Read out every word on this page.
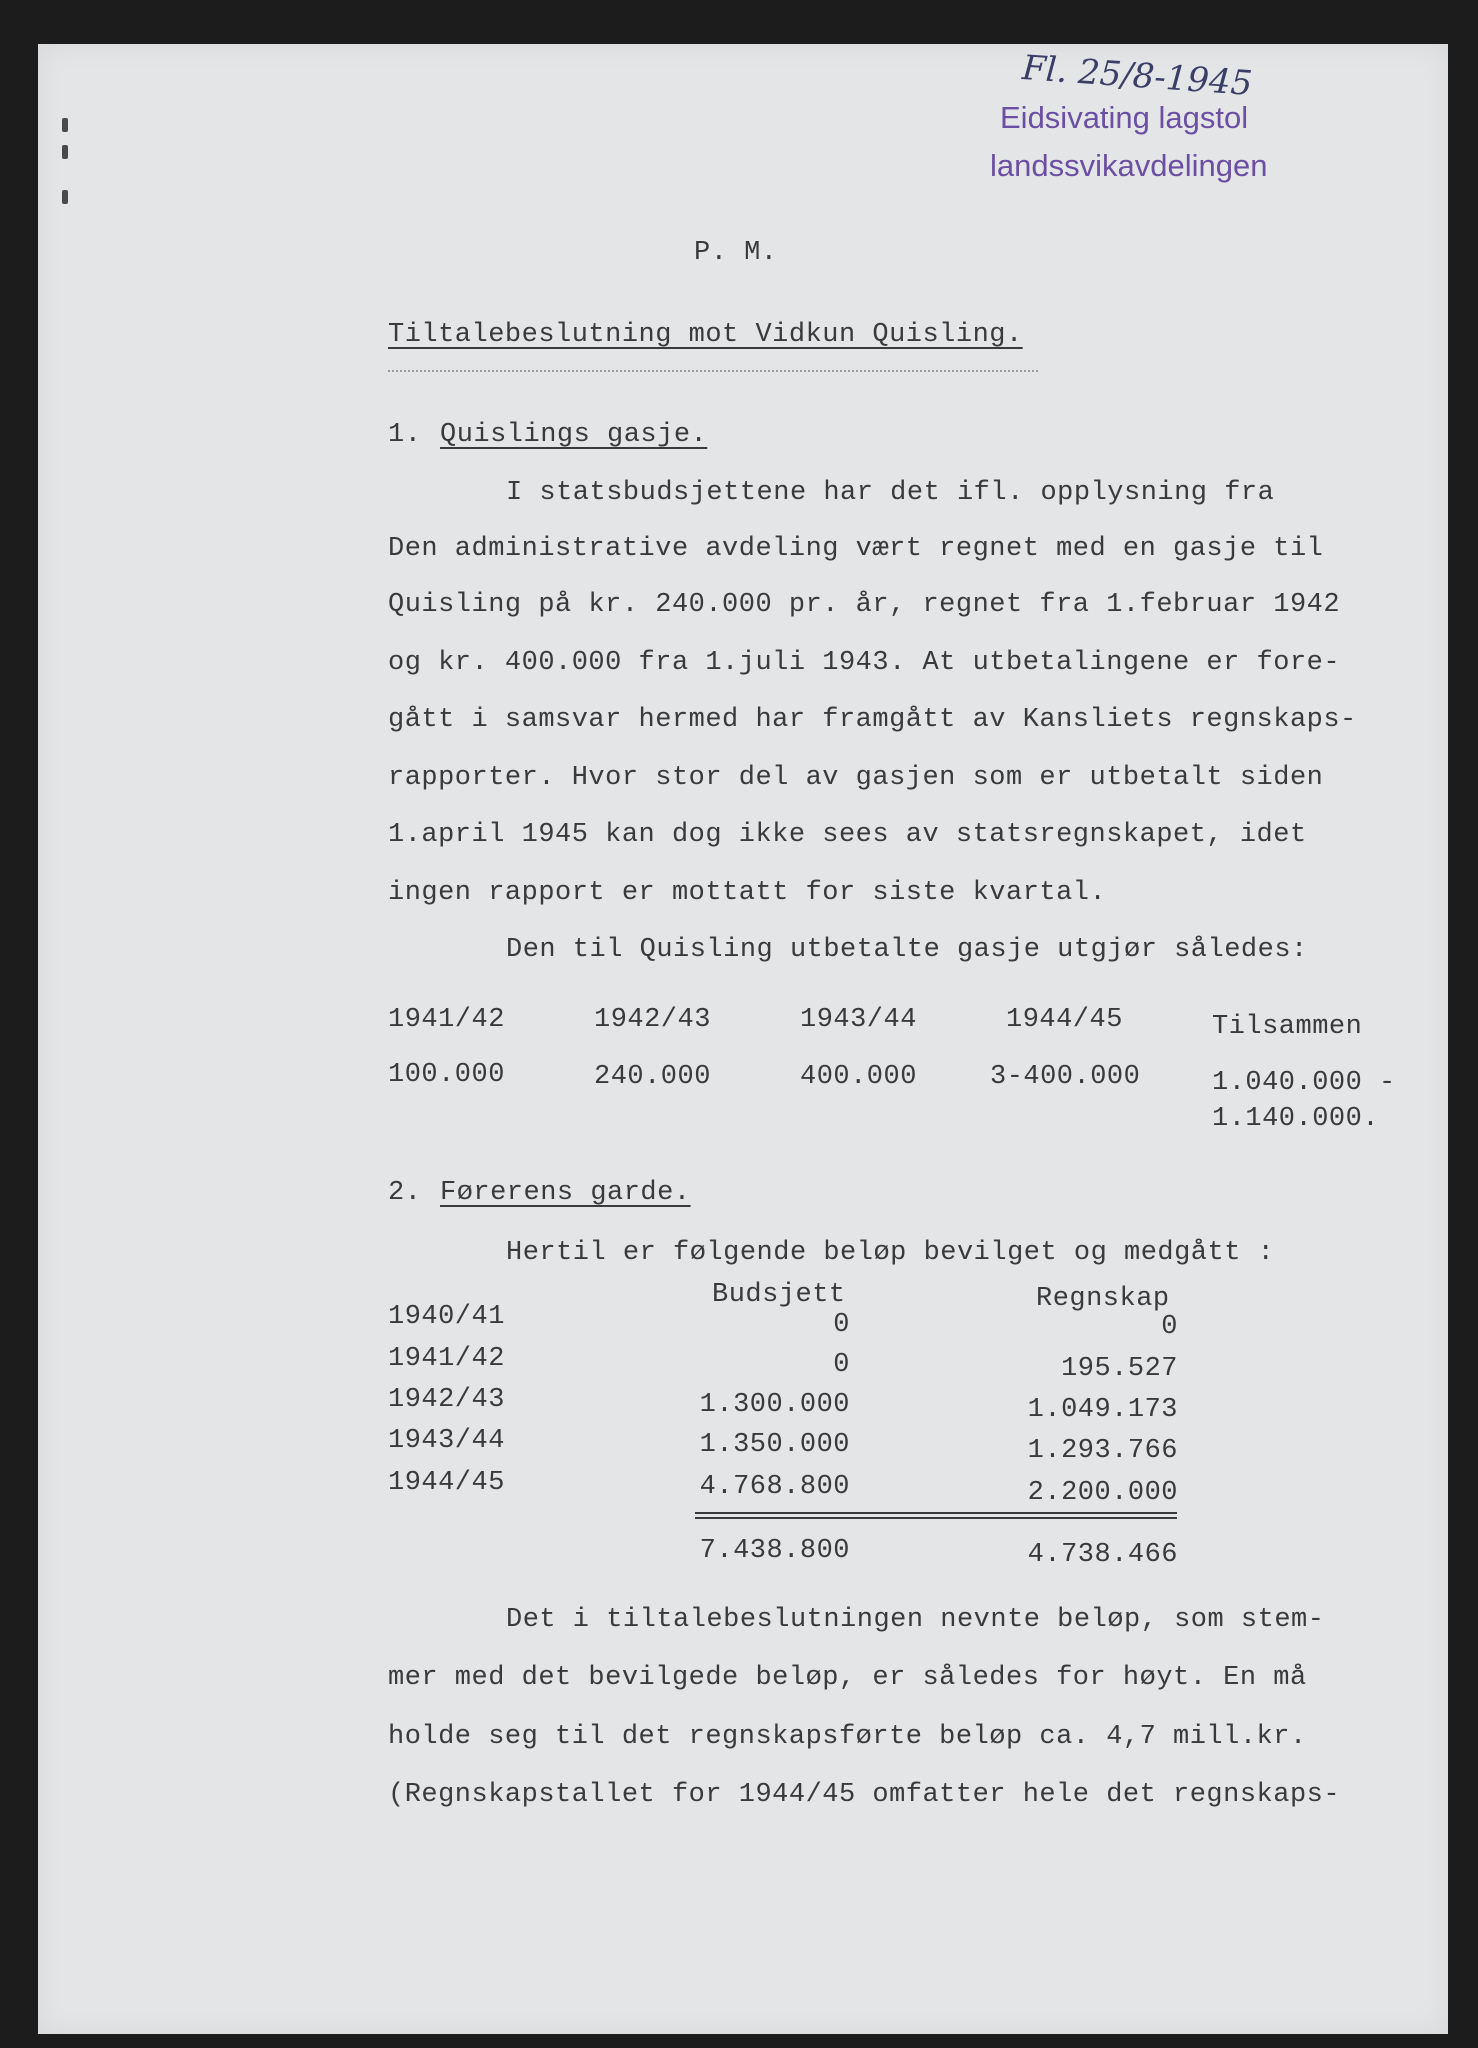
Fl. 25/8-1945
Eidsivating lagstol
landssvikavdelingen
P. M.
Tiltalebeslutning mot Vidkun Quisling.
1. Quislings gasje.
I statsbudsjettene har det ifl. opplysning fra
Den administrative avdeling vært regnet med en gasje til
Quisling på kr. 240.000 pr. år, regnet fra 1.februar 1942
og kr. 400.000 fra 1.juli 1943. At utbetalingene er fore-
gått i samsvar hermed har framgått av Kansliets regnskaps-
rapporter. Hvor stor del av gasjen som er utbetalt siden
1.april 1945 kan dog ikke sees av statsregnskapet, idet
ingen rapport er mottatt for siste kvartal.
Den til Quisling utbetalte gasje utgjør således:
1941/42	1942/43	1943/44	1944/45	Tilsammen
100.000	240.000	400.000	3-400.000	1.040.000 -
1.140.000.
2. Førerens garde.
Hertil er følgende beløp bevilget og medgått :
Budsjett	Regnskap
1940/41	0	0
1941/42	0	195.527
1942/43	1.300.000	1.049.173
1943/44	1.350.000	1.293.766
1944/45	4.768.800	2.200.000
7.438.800	4.738.466
Det i tiltalebeslutningen nevnte beløp, som stem-
mer med det bevilgede beløp, er således for høyt. En må
holde seg til det regnskapsførte beløp ca. 4,7 mill.kr.
(Regnskapstallet for 1944/45 omfatter hele det regnskaps-
